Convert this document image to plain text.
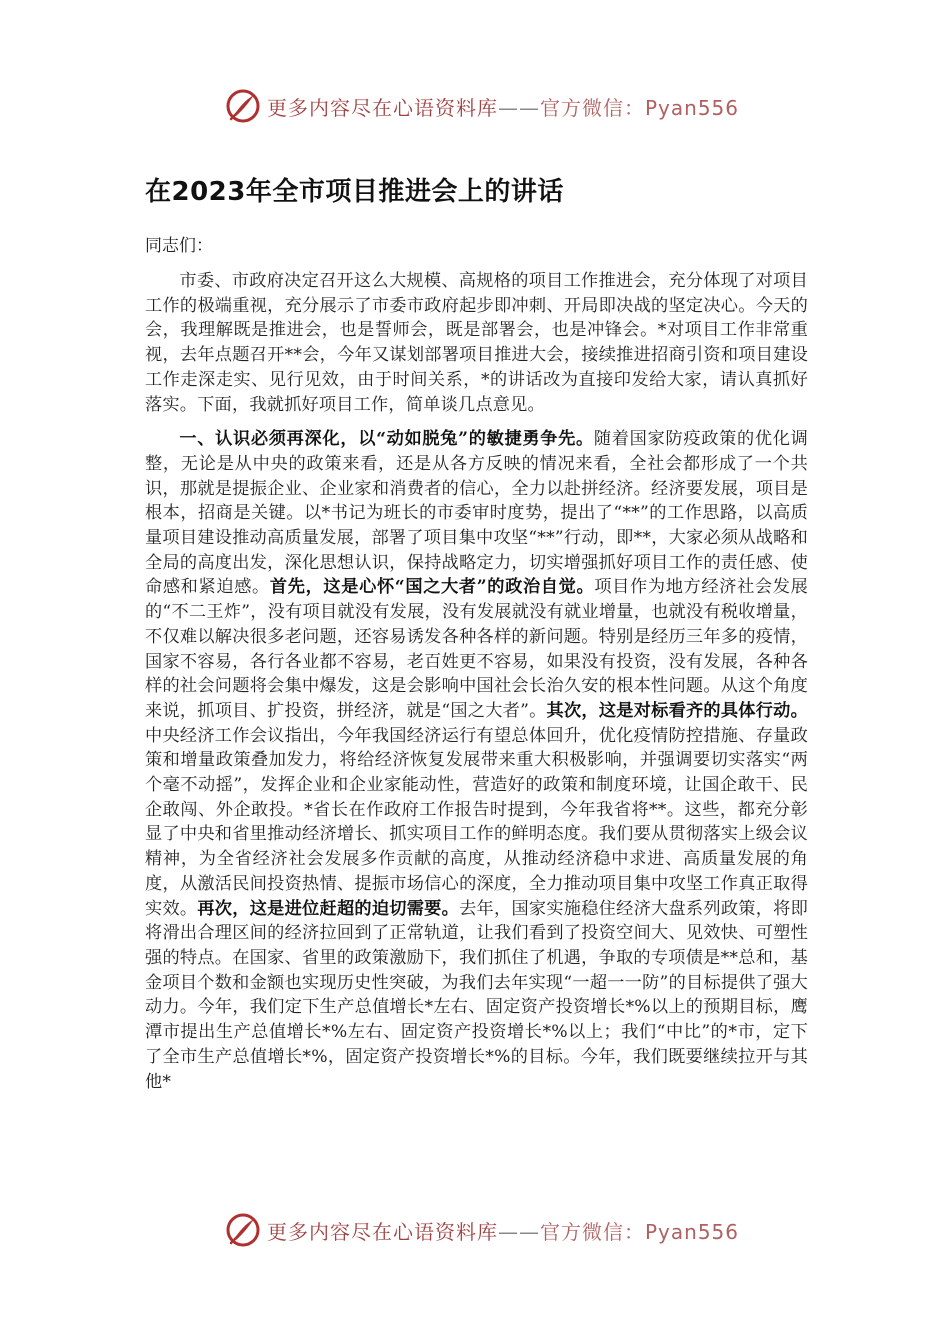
更多内容尽在心语资料库——官方微信：Pyan556
在2023年全市项目推进会上的讲话
同志们：

市委、市政府决定召开这么大规模、高规格的项目工作推进会，充分体现了对项目工作的极端重视，充分展示了市委市政府起步即冲刺、开局即决战的坚定决心。今天的会，我理解既是推进会，也是誓师会，既是部署会，也是冲锋会。*对项目工作非常重视，去年点题召开**会，今年又谋划部署项目推进大会，接续推进招商引资和项目建设工作走深走实、见行见效，由于时间关系，*的讲话改为直接印发给大家，请认真抓好落实。下面，我就抓好项目工作，简单谈几点意见。

一、认识必须再深化，以“动如脱兔”的敏捷勇争先。随着国家防疫政策的优化调整，无论是从中央的政策来看，还是从各方反映的情况来看，全社会都形成了一个共识，那就是提振企业、企业家和消费者的信心，全力以赴拼经济。经济要发展，项目是根本，招商是关键。以*书记为班长的市委审时度势，提出了“**”的工作思路，以高质量项目建设推动高质量发展，部署了项目集中攻坚“**”行动，即**，大家必须从战略和全局的高度出发，深化思想认识，保持战略定力，切实增强抓好项目工作的责任感、使命感和紧迫感。首先，这是心怀“国之大者”的政治自觉。项目作为地方经济社会发展的“不二王炸”，没有项目就没有发展，没有发展就没有就业增量，也就没有税收增量，不仅难以解决很多老问题，还容易诱发各种各样的新问题。特别是经历三年多的疫情，国家不容易，各行各业都不容易，老百姓更不容易，如果没有投资，没有发展，各种各样的社会问题将会集中爆发，这是会影响中国社会长治久安的根本性问题。从这个角度来说，抓项目、扩投资，拼经济，就是“国之大者”。其次，这是对标看齐的具体行动。中央经济工作会议指出，今年我国经济运行有望总体回升，优化疫情防控措施、存量政策和增量政策叠加发力，将给经济恢复发展带来重大积极影响，并强调要切实落实“两个毫不动摇”，发挥企业和企业家能动性，营造好的政策和制度环境，让国企敢干、民企敢闯、外企敢投。*省长在作政府工作报告时提到，今年我省将**。这些，都充分彰显了中央和省里推动经济增长、抓实项目工作的鲜明态度。我们要从贯彻落实上级会议精神，为全省经济社会发展多作贡献的高度，从推动经济稳中求进、高质量发展的角度，从激活民间投资热情、提振市场信心的深度，全力推动项目集中攻坚工作真正取得实效。再次，这是进位赶超的迫切需要。去年，国家实施稳住经济大盘系列政策，将即将滑出合理区间的经济拉回到了正常轨道，让我们看到了投资空间大、见效快、可塑性强的特点。在国家、省里的政策激励下，我们抓住了机遇，争取的专项债是**总和，基金项目个数和金额也实现历史性突破，为我们去年实现“一超一一防”的目标提供了强大动力。今年，我们定下生产总值增长*左右、固定资产投资增长*%以上的预期目标，鹰潭市提出生产总值增长*%左右、固定资产投资增长*%以上；我们“中比”的*市，定下了全市生产总值增长*%，固定资产投资增长*%的目标。今年，我们既要继续拉开与其他*

更多内容尽在心语资料库——官方微信：Pyan556
